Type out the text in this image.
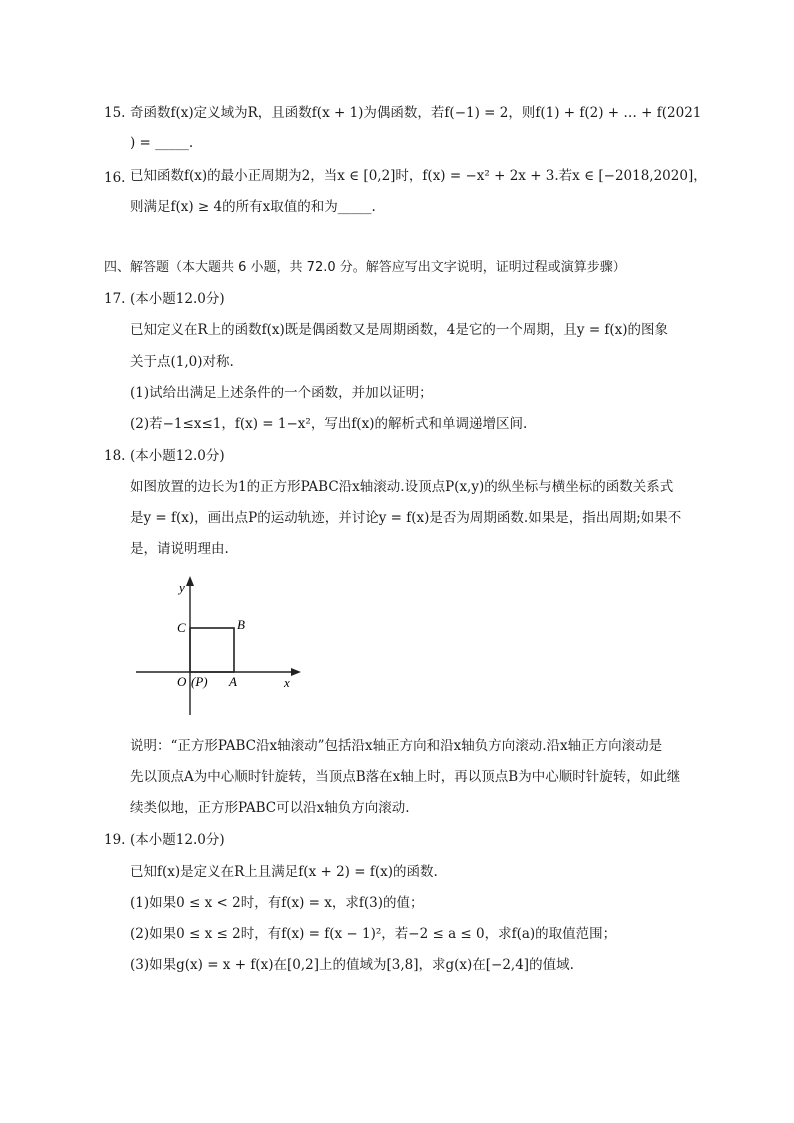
15. 奇函数f(x)定义域为R，且函数f(x + 1)为偶函数，若f(−1) = 2，则f(1) + f(2) + … + f(2021
) = _____.
16. 已知函数f(x)的最小正周期为2，当x ∈ [0,2]时，f(x) = −x² + 2x + 3.若x ∈ [−2018,2020]，
则满足f(x) ≥ 4的所有x取值的和为_____.
四、解答题（本大题共 6 小题，共 72.0 分。解答应写出文字说明，证明过程或演算步骤）
17. (本小题12.0分)
已知定义在R上的函数f(x)既是偶函数又是周期函数，4是它的一个周期，且y = f(x)的图象
关于点(1,0)对称.
(1)试给出满足上述条件的一个函数，并加以证明；
(2)若−1≤x≤1，f(x) = 1−x²，写出f(x)的解析式和单调递增区间.
18. (本小题12.0分)
如图放置的边长为1的正方形PABC沿x轴滚动.设顶点P(x,y)的纵坐标与横坐标的函数关系式
是y = f(x)，画出点P的运动轨迹，并讨论y = f(x)是否为周期函数.如果是，指出周期;如果不
是，请说明理由.
y
x
C	B
O (P) A
说明：“正方形PABC沿x轴滚动”包括沿x轴正方向和沿x轴负方向滚动.沿x轴正方向滚动是
先以顶点A为中心顺时针旋转，当顶点B落在x轴上时，再以顶点B为中心顺时针旋转，如此继
续类似地，正方形PABC可以沿x轴负方向滚动.
19. (本小题12.0分)
已知f(x)是定义在R上且满足f(x + 2) = f(x)的函数.
(1)如果0 ≤ x < 2时，有f(x) = x，求f(3)的值；
(2)如果0 ≤ x ≤ 2时，有f(x) = f(x − 1)²，若−2 ≤ a ≤ 0，求f(a)的取值范围；
(3)如果g(x) = x + f(x)在[0,2]上的值域为[3,8]，求g(x)在[−2,4]的值域.
